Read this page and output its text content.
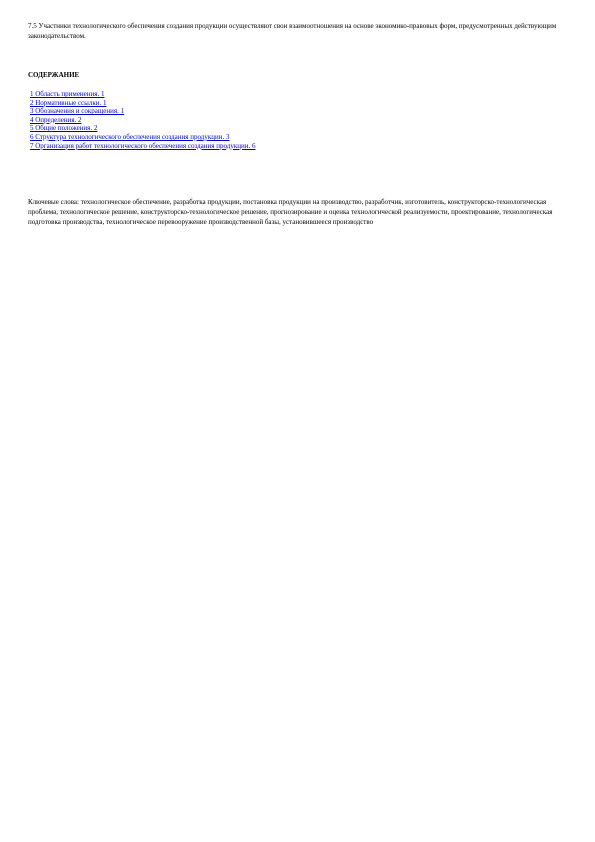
7.5 Участники технологического обеспечения создания продукции осуществляют свои взаимоотношения на основе экономико-правовых форм, предусмотренных действующим законодательством.

СОДЕРЖАНИЕ

1 Область применения. 1
2 Нормативные ссылки. 1
3 Обозначения и сокращения. 1
4 Определения. 2
5 Общие положения. 2
6 Структура технологического обеспечения создания продукции. 3
7 Организация работ технологического обеспечения создания продукции. 6

Ключевые слова: технологическое обеспечение, разработка продукции, постановка продукции на производство, разработчик, изготовитель, конструкторско-технологическая проблема, технологическое решение, конструкторско-технологическое решение, прогнозирование и оценка технологической реализуемости, проектирование, технологическая подготовка производства, технологическое перевооружение производственной базы, установившееся производство
